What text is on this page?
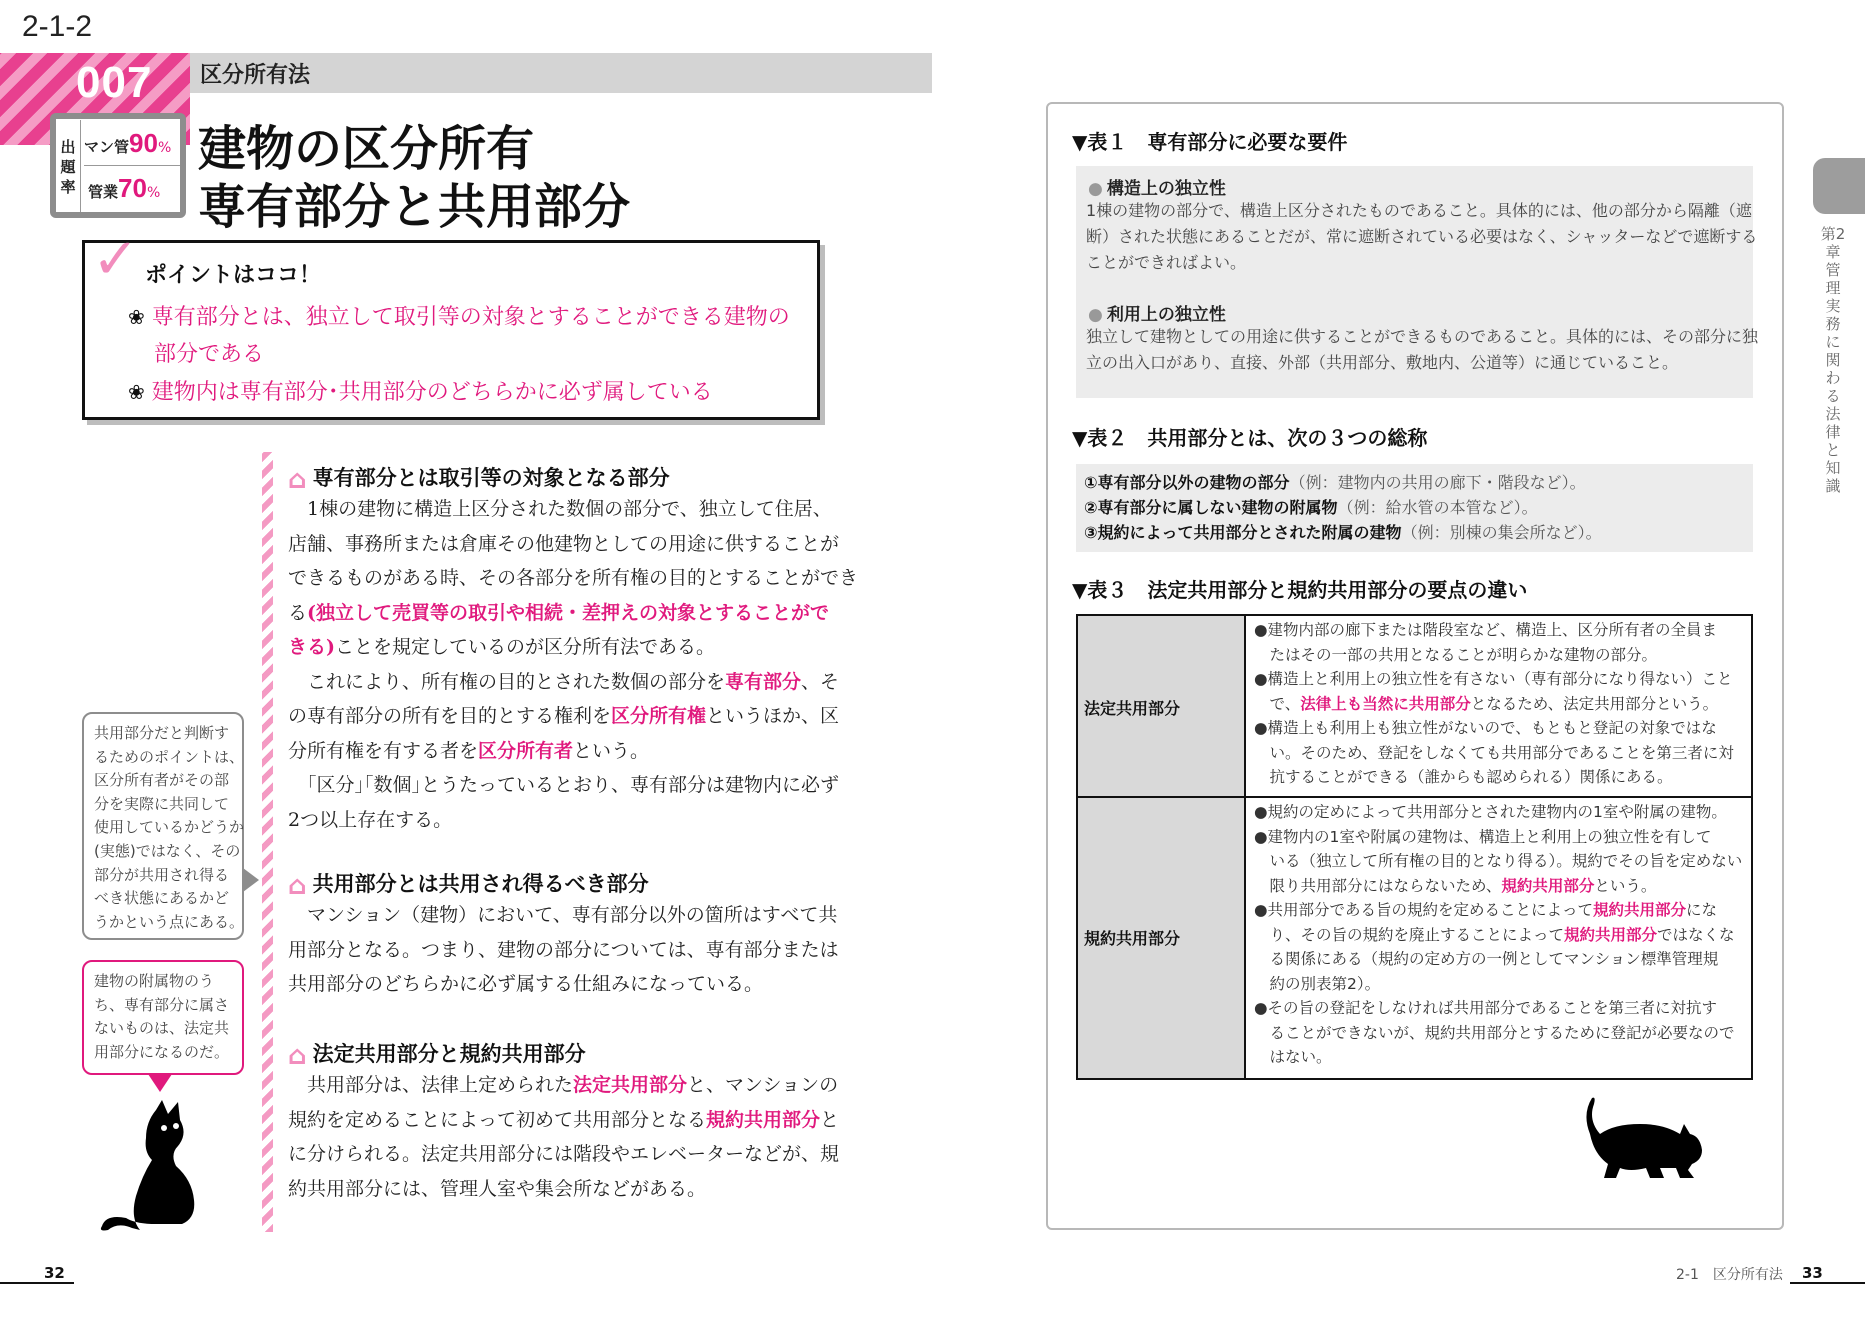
2-1-2
007 区分所有法
出題率
マン管90%
管業70%
建物の区分所有
専有部分と共用部分
✓ ポイントはココ！
❀ 専有部分とは、独立して取引等の対象とすることができる建物の
部分である
❀ 建物内は専有部分･共用部分のどちらかに必ず属している
⌂ 専有部分とは取引等の対象となる部分
　1棟の建物に構造上区分された数個の部分で、独立して住居、
店舗、事務所または倉庫その他建物としての用途に供することが
できるものがある時、その各部分を所有権の目的とすることができ
る(独立して売買等の取引や相続・差押えの対象とすることがで
きる)ことを規定しているのが区分所有法である。
　これにより、所有権の目的とされた数個の部分を専有部分、そ
の専有部分の所有を目的とする権利を区分所有権というほか、区
分所有権を有する者を区分所有者という。
　｢区分｣｢数個｣とうたっているとおり、専有部分は建物内に必ず
2つ以上存在する。
⌂ 共用部分とは共用され得るべき部分
　マンション（建物）において、専有部分以外の箇所はすべて共
用部分となる。つまり、建物の部分については、専有部分または
共用部分のどちらかに必ず属する仕組みになっている。
⌂ 法定共用部分と規約共用部分
　共用部分は、法律上定められた法定共用部分と、マンションの
規約を定めることによって初めて共用部分となる規約共用部分と
に分けられる。法定共用部分には階段やエレベーターなどが、規
約共用部分には、管理人室や集会所などがある。
共用部分だと判断す
るためのポイントは、
区分所有者がその部
分を実際に共同して
使用しているかどうか
(実態)ではなく、その
部分が共用され得る
べき状態にあるかど
うかという点にある。
建物の附属物のう
ち、専有部分に属さ
ないものは、法定共
用部分になるのだ。
32
▼表１　専有部分に必要な要件
● 構造上の独立性
1棟の建物の部分で、構造上区分されたものであること。具体的には、他の部分から隔離（遮
断）された状態にあることだが、常に遮断されている必要はなく、シャッターなどで遮断する
ことができればよい。
● 利用上の独立性
独立して建物としての用途に供することができるものであること。具体的には、その部分に独
立の出入口があり、直接、外部（共用部分、敷地内、公道等）に通じていること。
▼表２　共用部分とは、次の３つの総称
①専有部分以外の建物の部分（例：建物内の共用の廊下・階段など）。
②専有部分に属しない建物の附属物（例：給水管の本管など）。
③規約によって共用部分とされた附属の建物（例：別棟の集会所など）。
▼表３　法定共用部分と規約共用部分の要点の違い
法定共用部分
●建物内部の廊下または階段室など、構造上、区分所有者の全員ま
　たはその一部の共用となることが明らかな建物の部分。
●構造上と利用上の独立性を有さない（専有部分になり得ない）こと
　で、法律上も当然に共用部分となるため、法定共用部分という。
●構造上も利用上も独立性がないので、もともと登記の対象ではな
　い。そのため、登記をしなくても共用部分であることを第三者に対
　抗することができる（誰からも認められる）関係にある。
規約共用部分
●規約の定めによって共用部分とされた建物内の1室や附属の建物。
●建物内の1室や附属の建物は、構造上と利用上の独立性を有して
　いる（独立して所有権の目的となり得る）。規約でその旨を定めない
　限り共用部分にはならないため、規約共用部分という。
●共用部分である旨の規約を定めることによって規約共用部分にな
　り、その旨の規約を廃止することによって規約共用部分ではなくな
　る関係にある（規約の定め方の一例としてマンション標準管理規
　約の別表第2）。
●その旨の登記をしなければ共用部分であることを第三者に対抗す
　ることができないが、規約共用部分とするために登記が必要なので
　はない。
第2章　管理実務に関わる法律と知識
2-1　区分所有法 33
